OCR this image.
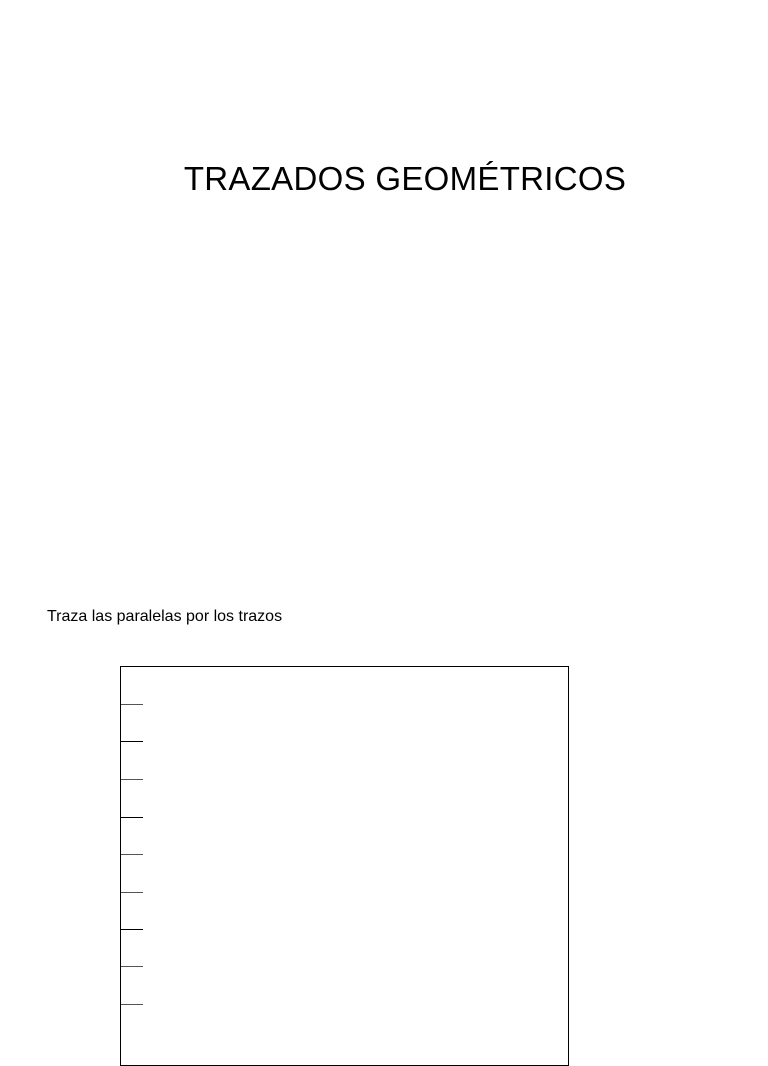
TRAZADOS GEOMÉTRICOS

Traza las paralelas por los trazos
